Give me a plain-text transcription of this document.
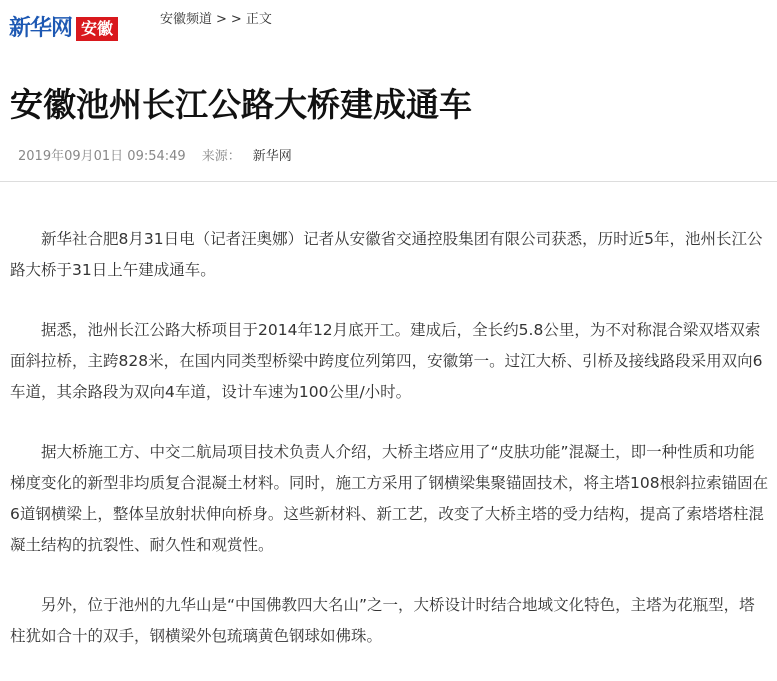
新华网 安徽	安徽频道 > > 正文
安徽池州长江公路大桥建成通车
2019年09月01日 09:54:49 来源： 新华网

新华社合肥8月31日电（记者汪奥娜）记者从安徽省交通控股集团有限公司获悉，历时近5年，池州长江公路大桥于31日上午建成通车。

据悉，池州长江公路大桥项目于2014年12月底开工。建成后，全长约5.8公里，为不对称混合梁双塔双索面斜拉桥，主跨828米，在国内同类型桥梁中跨度位列第四，安徽第一。过江大桥、引桥及接线路段采用双向6车道，其余路段为双向4车道，设计车速为100公里/小时。

据大桥施工方、中交二航局项目技术负责人介绍，大桥主塔应用了“皮肤功能”混凝土，即一种性质和功能梯度变化的新型非均质复合混凝土材料。同时，施工方采用了钢横梁集聚锚固技术，将主塔108根斜拉索锚固在6道钢横梁上，整体呈放射状伸向桥身。这些新材料、新工艺，改变了大桥主塔的受力结构，提高了索塔塔柱混凝土结构的抗裂性、耐久性和观赏性。

另外，位于池州的九华山是“中国佛教四大名山”之一，大桥设计时结合地域文化特色，主塔为花瓶型，塔柱犹如合十的双手，钢横梁外包琉璃黄色钢球如佛珠。
